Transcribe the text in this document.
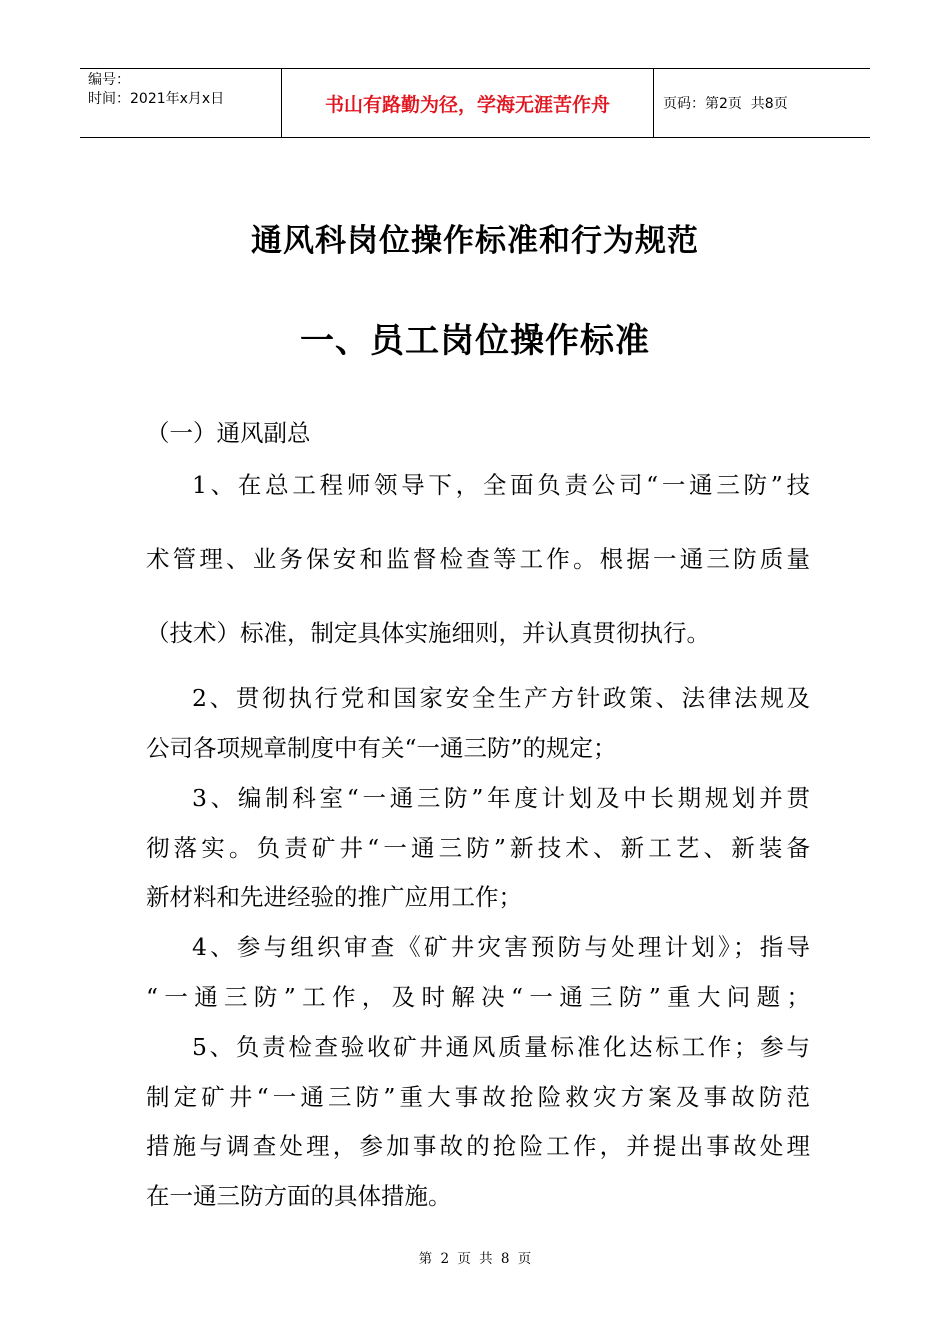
编号：
时间：2021年x月x日	书山有路勤为径，学海无涯苦作舟	页码：第2页  共8页
通风科岗位操作标准和行为规范
一、员工岗位操作标准

（一）通风副总

1、在总工程师领导下，全面负责公司“一通三防”技

术管理、业务保安和监督检查等工作。根据一通三防质量

（技术）标准，制定具体实施细则，并认真贯彻执行。

2、贯彻执行党和国家安全生产方针政策、法律法规及

公司各项规章制度中有关“一通三防”的规定；

3、编制科室“一通三防”年度计划及中长期规划并贯

彻落实。负责矿井“一通三防”新技术、新工艺、新装备

新材料和先进经验的推广应用工作；

4、参与组织审查《矿井灾害预防与处理计划》；指导

“一通三防”工作，及时解决“一通三防”重大问题；

5、负责检查验收矿井通风质量标准化达标工作；参与

制定矿井“一通三防”重大事故抢险救灾方案及事故防范

措施与调查处理，参加事故的抢险工作，并提出事故处理

在一通三防方面的具体措施。

第 2 页 共 8 页
